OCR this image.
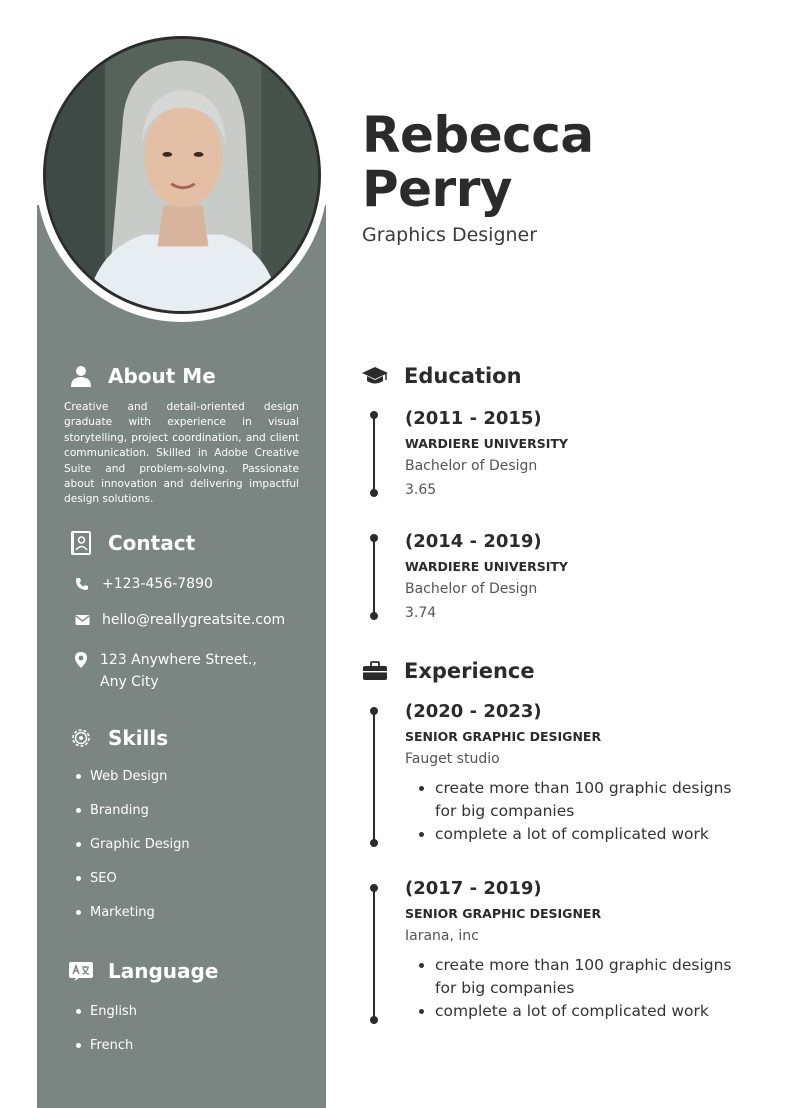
Rebecca
Perry
Graphics Designer
About Me
Creative and detail-oriented design graduate with experience in visual storytelling, project coordination, and client communication. Skilled in Adobe Creative Suite and problem-solving. Passionate about innovation and delivering impactful design solutions.
Contact
+123-456-7890
hello@reallygreatsite.com
123 Anywhere Street., Any City
Skills
Web Design
Branding
Graphic Design
SEO
Marketing
Language
English
French
Education
(2011 - 2015)
WARDIERE UNIVERSITY
Bachelor of Design
3.65
(2014 - 2019)
WARDIERE UNIVERSITY
Bachelor of Design
3.74
Experience
(2020 - 2023)
SENIOR GRAPHIC DESIGNER
Fauget studio
create more than 100 graphic designs for big companies
complete a lot of complicated work
(2017 - 2019)
SENIOR GRAPHIC DESIGNER
Iarana, inc
create more than 100 graphic designs for big companies
complete a lot of complicated work
